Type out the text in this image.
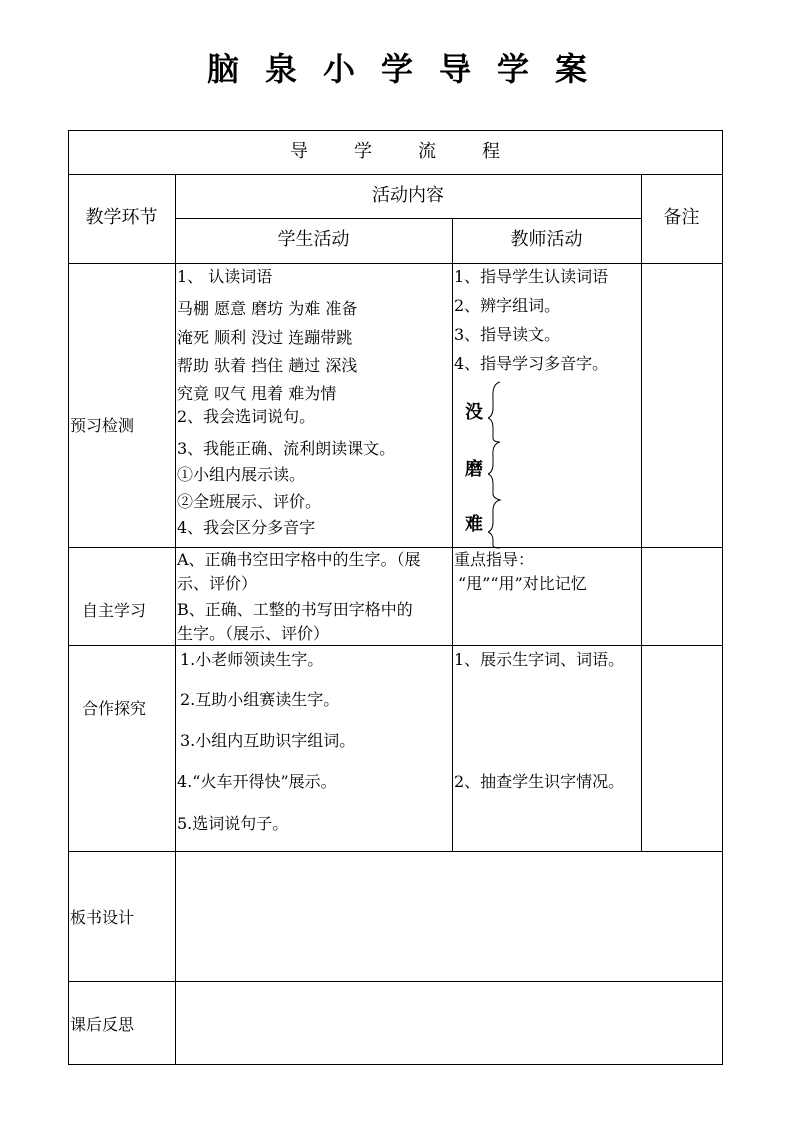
脑泉小学导学案
导学流程
教学环节
活动内容
学生活动	教师活动
备注
预习检测
1、 认读词语
马棚 愿意 磨坊 为难 准备
淹死 顺利 没过 连蹦带跳
帮助 驮着 挡住 趟过 深浅
究竟 叹气 甩着 难为情
2、我会选词说句。
3、我能正确、流利朗读课文。
①小组内展示读。
②全班展示、评价。
4、我会区分多音字
1、指导学生认读词语
2、辨字组词。
3、指导读文。
4、指导学习多音字。
没
磨
难
自主学习
A、正确书空田字格中的生字。（展
示、评价）
B、正确、工整的书写田字格中的
生字。（展示、评价）
重点指导：
“甩”“用”对比记忆
合作探究
1.小老师领读生字。
2.互助小组赛读生字。
3.小组内互助识字组词。
4.“火车开得快”展示。
5.选词说句子。
1、展示生字词、词语。
2、抽查学生识字情况。
板书设计
课后反思
